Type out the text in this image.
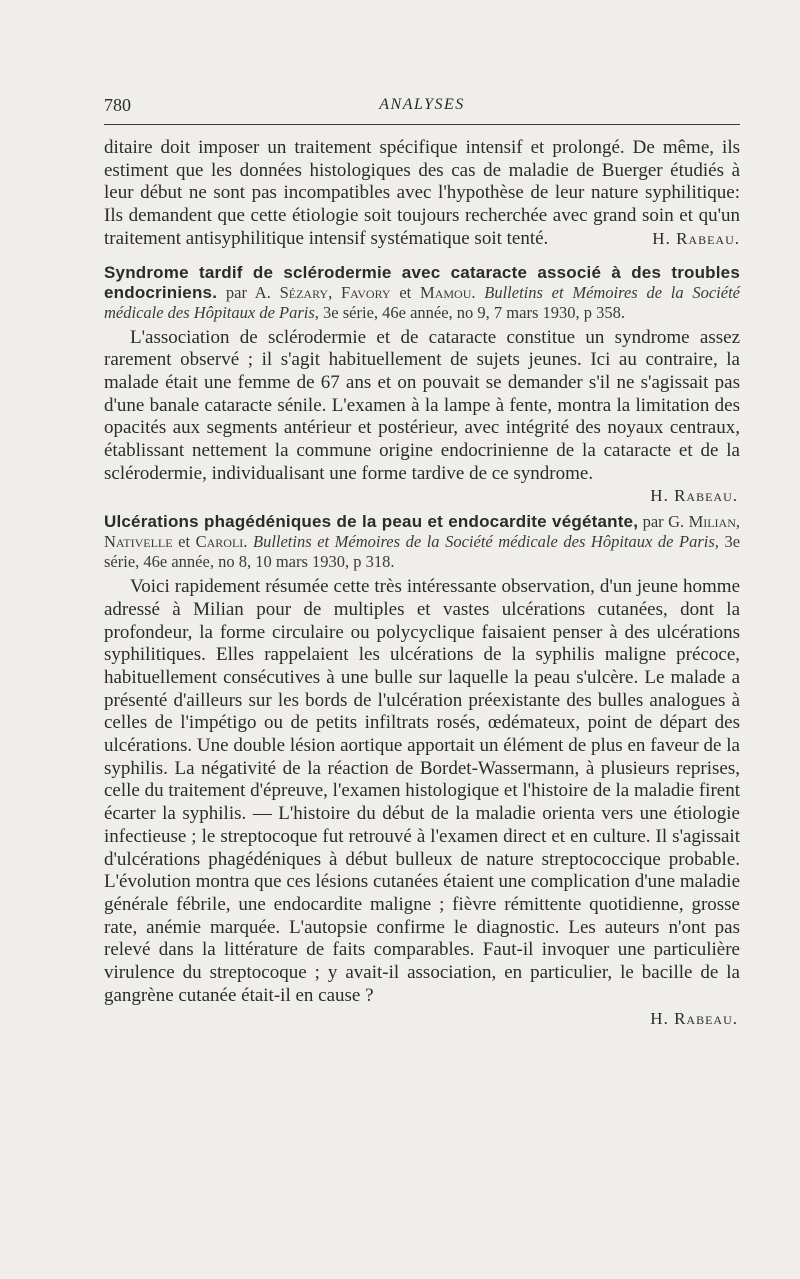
780	ANALYSES

ditaire doit imposer un traitement spécifique intensif et prolongé. De même, ils estiment que les données histologiques des cas de maladie de Buerger étudiés à leur début ne sont pas incompatibles avec l'hypothèse de leur nature syphilitique: Ils demandent que cette étiologie soit toujours recherchée avec grand soin et qu'un traitement antisyphilitique intensif systématique soit tenté.	H. Rabeau.

Syndrome tardif de sclérodermie avec cataracte associé à des troubles endocriniens. par A. Sézary, Favory et Mamou. Bulletins et Mémoires de la Société médicale des Hôpitaux de Paris, 3e série, 46e année, no 9, 7 mars 1930, p 358.

L'association de sclérodermie et de cataracte constitue un syndrome assez rarement observé ; il s'agit habituellement de sujets jeunes. Ici au contraire, la malade était une femme de 67 ans et on pouvait se demander s'il ne s'agissait pas d'une banale cataracte sénile. L'examen à la lampe à fente, montra la limitation des opacités aux segments antérieur et postérieur, avec intégrité des noyaux centraux, établissant nettement la commune origine endocrinienne de la cataracte et de la sclérodermie, individualisant une forme tardive de ce syndrome.

H. Rabeau.
Ulcérations phagédéniques de la peau et endocardite végétante, par G. Milian, Nativelle et Caroli. Bulletins et Mémoires de la Société médicale des Hôpitaux de Paris, 3e série, 46e année, no 8, 10 mars 1930, p 318.

Voici rapidement résumée cette très intéressante observation, d'un jeune homme adressé à Milian pour de multiples et vastes ulcérations cutanées, dont la profondeur, la forme circulaire ou polycyclique faisaient penser à des ulcérations syphilitiques. Elles rappelaient les ulcérations de la syphilis maligne précoce, habituellement consécutives à une bulle sur laquelle la peau s'ulcère. Le malade a présenté d'ailleurs sur les bords de l'ulcération préexistante des bulles analogues à celles de l'impétigo ou de petits infiltrats rosés, œdémateux, point de départ des ulcérations. Une double lésion aortique apportait un élément de plus en faveur de la syphilis. La négativité de la réaction de Bordet-Wassermann, à plusieurs reprises, celle du traitement d'épreuve, l'examen histologique et l'histoire de la maladie firent écarter la syphilis. — L'histoire du début de la maladie orienta vers une étiologie infectieuse ; le streptocoque fut retrouvé à l'examen direct et en culture. Il s'agissait d'ulcérations phagédéniques à début bulleux de nature streptococcique probable. L'évolution montra que ces lésions cutanées étaient une complication d'une maladie générale fébrile, une endocardite maligne ; fièvre rémittente quotidienne, grosse rate, anémie marquée. L'autopsie confirme le diagnostic. Les auteurs n'ont pas relevé dans la littérature de faits comparables. Faut-il invoquer une particulière virulence du streptocoque ; y avait-il association, en particulier, le bacille de la gangrène cutanée était-il en cause ?

H. Rabeau.
